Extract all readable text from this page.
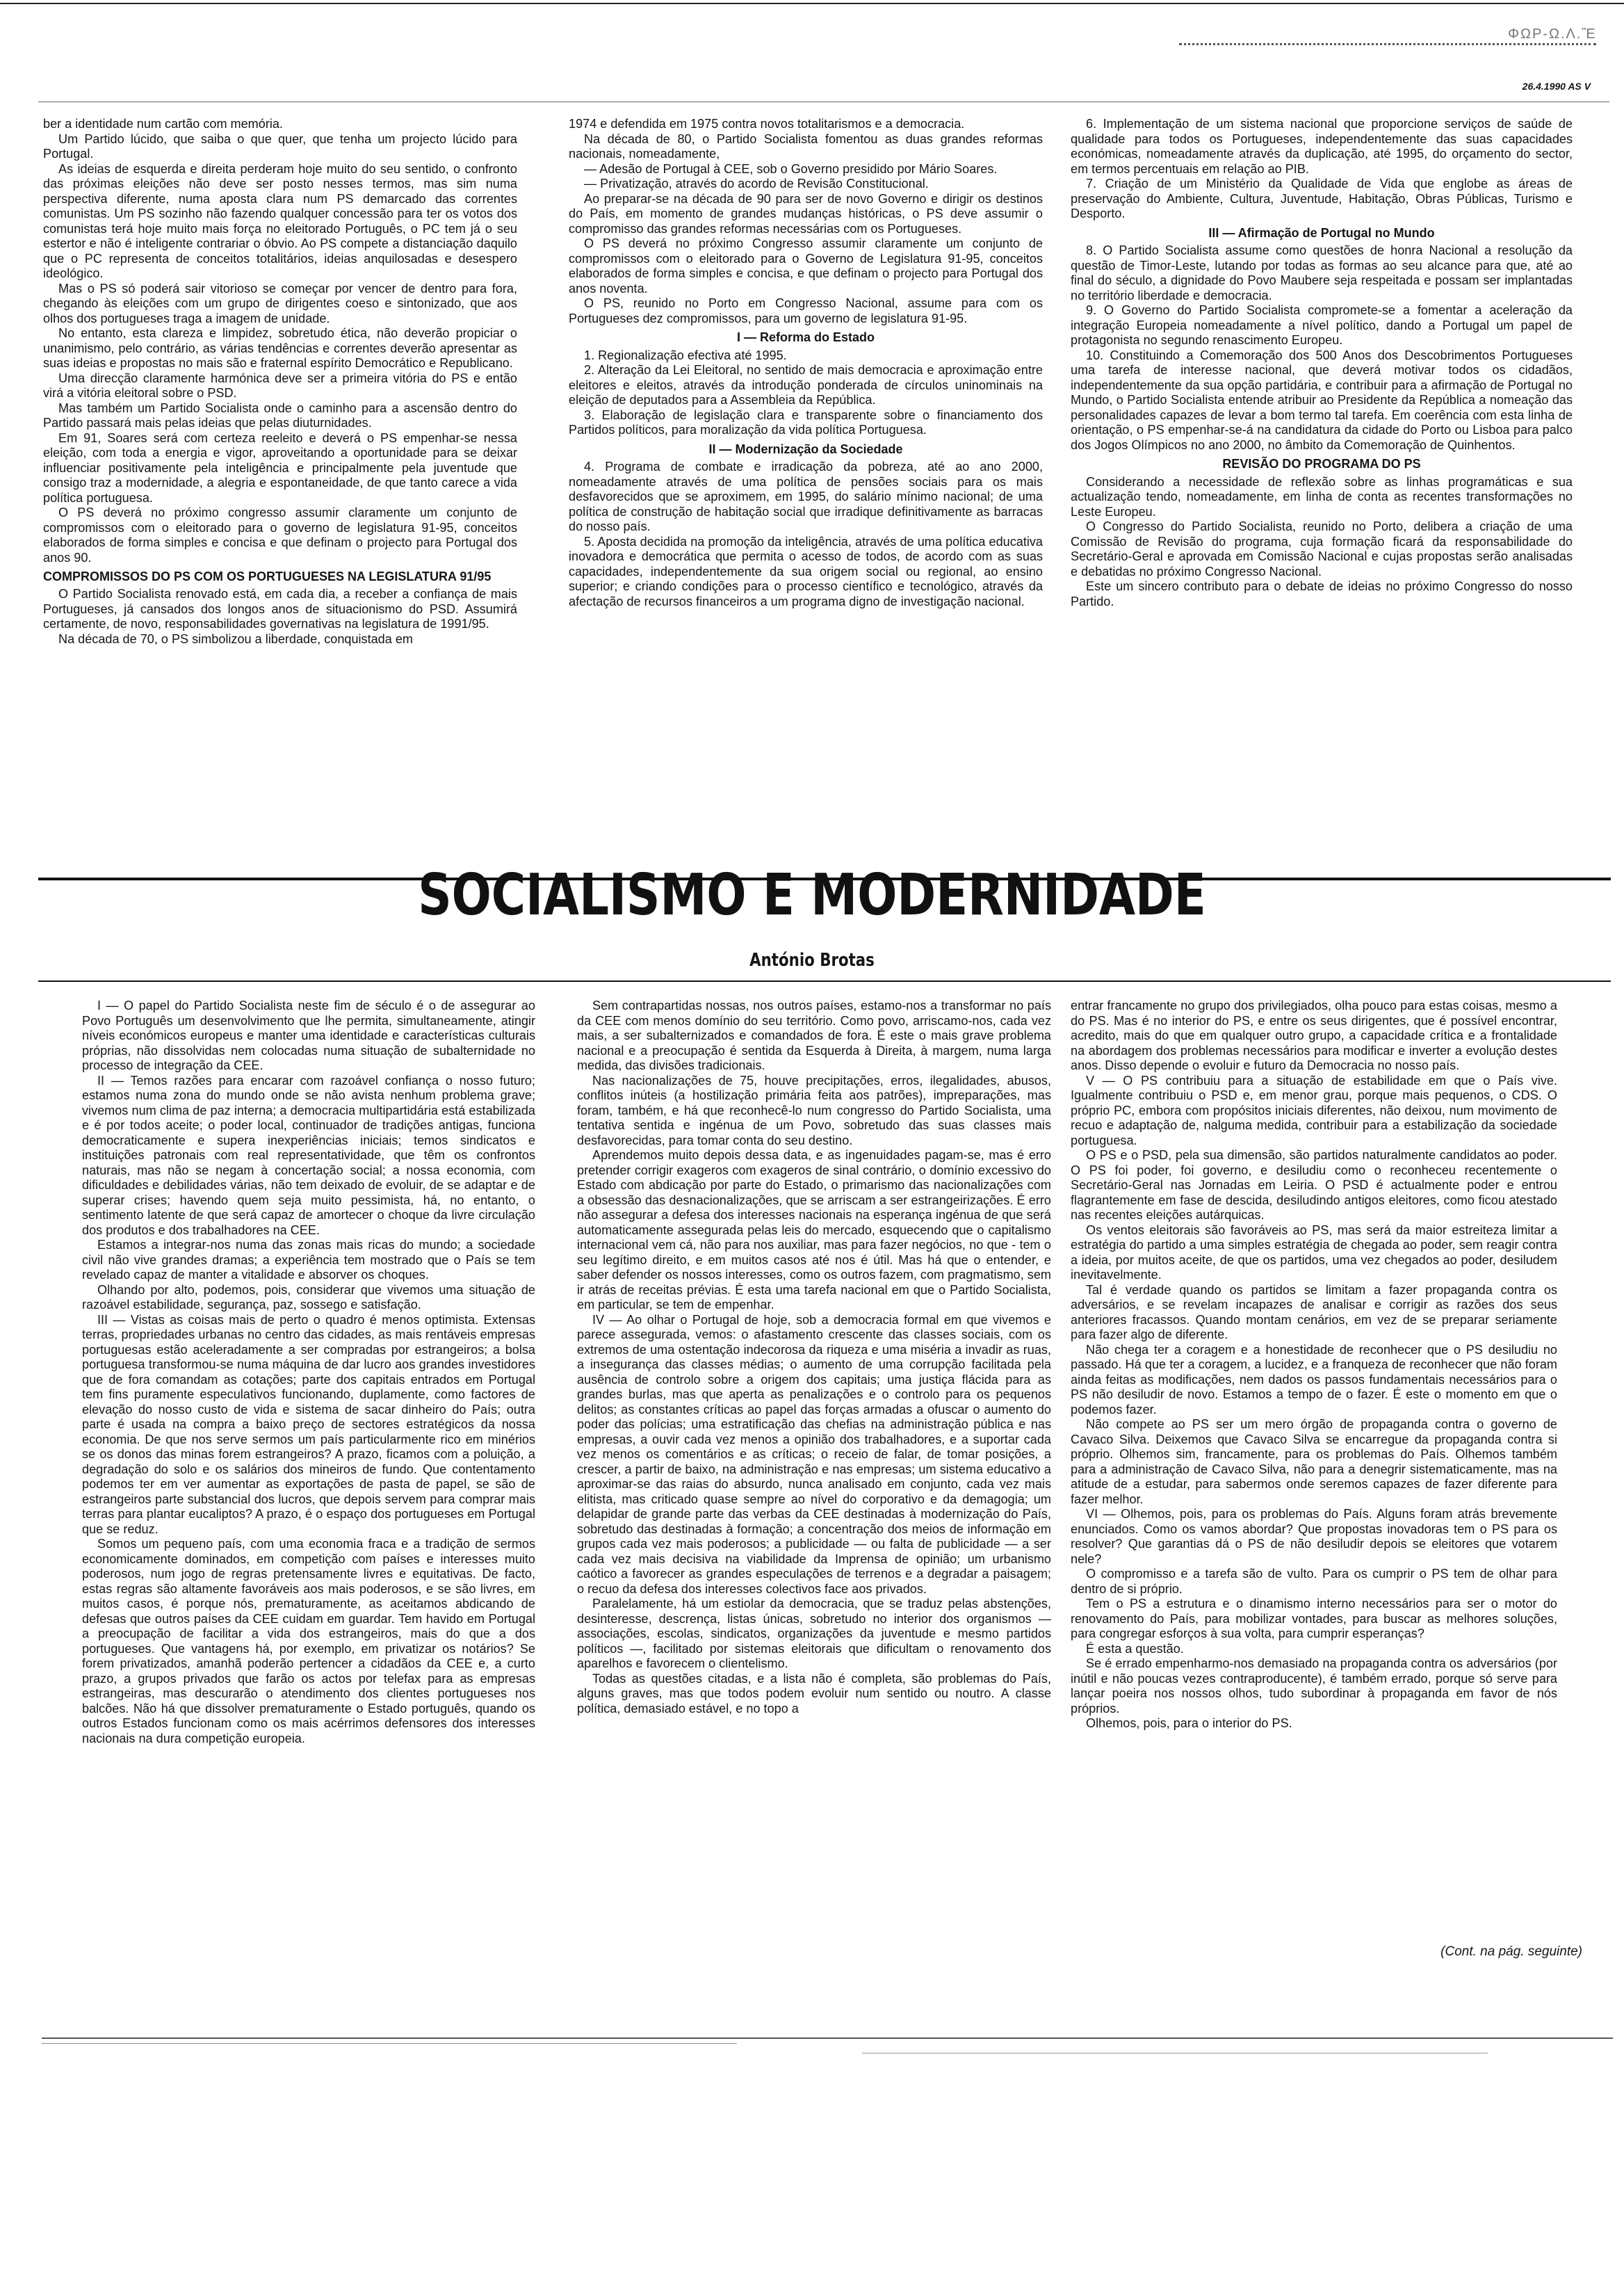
ΦΩΡ-Ω.Λ.Ἕ
26.4.1990 AS V

ber a identidade num cartão com memória.

Um Partido lúcido, que saiba o que quer, que tenha um projecto lúcido para Portugal.

As ideias de esquerda e direita perderam hoje muito do seu sentido, o confronto das próximas eleições não deve ser posto nesses termos, mas sim numa perspectiva diferente, numa aposta clara num PS demarcado das correntes comunistas. Um PS sozinho não fazendo qualquer concessão para ter os votos dos comunistas terá hoje muito mais força no eleitorado Português, o PC tem já o seu estertor e não é inteligente contrariar o óbvio. Ao PS compete a distanciação daquilo que o PC representa de conceitos totalitários, ideias anquilosadas e desespero ideológico.

Mas o PS só poderá sair vitorioso se começar por vencer de dentro para fora, chegando às eleições com um grupo de dirigentes coeso e sintonizado, que aos olhos dos portugueses traga a imagem de unidade.

No entanto, esta clareza e limpidez, sobretudo ética, não deverão propiciar o unanimismo, pelo contrário, as várias tendências e correntes deverão apresentar as suas ideias e propostas no mais são e fraternal espírito Democrático e Republicano.

Uma direcção claramente harmónica deve ser a primeira vitória do PS e então virá a vitória eleitoral sobre o PSD.

Mas também um Partido Socialista onde o caminho para a ascensão dentro do Partido passará mais pelas ideias que pelas diuturnidades.

Em 91, Soares será com certeza reeleito e deverá o PS empenhar-se nessa eleição, com toda a energia e vigor, aproveitando a oportunidade para se deixar influenciar positivamente pela inteligência e principalmente pela juventude que consigo traz a modernidade, a alegria e espontaneidade, de que tanto carece a vida política portuguesa.

O PS deverá no próximo congresso assumir claramente um conjunto de compromissos com o eleitorado para o governo de legislatura 91-95, conceitos elaborados de forma simples e concisa e que definam o projecto para Portugal dos anos 90.

COMPROMISSOS DO PS COM OS PORTUGUESES NA LEGISLATURA 91/95

O Partido Socialista renovado está, em cada dia, a receber a confiança de mais Portugueses, já cansados dos longos anos de situacionismo do PSD. Assumirá certamente, de novo, responsabilidades governativas na legislatura de 1991/95.

Na década de 70, o PS simbolizou a liberdade, conquistada em

1974 e defendida em 1975 contra novos totalitarismos e a democracia.

Na década de 80, o Partido Socialista fomentou as duas grandes reformas nacionais, nomeadamente,

— Adesão de Portugal à CEE, sob o Governo presidido por Mário Soares.

— Privatização, através do acordo de Revisão Constitucional.

Ao preparar-se na década de 90 para ser de novo Governo e dirigir os destinos do País, em momento de grandes mudanças históricas, o PS deve assumir o compromisso das grandes reformas necessárias com os Portugueses.

O PS deverá no próximo Congresso assumir claramente um conjunto de compromissos com o eleitorado para o Governo de Legislatura 91-95, conceitos elaborados de forma simples e concisa, e que definam o projecto para Portugal dos anos noventa.

O PS, reunido no Porto em Congresso Nacional, assume para com os Portugueses dez compromissos, para um governo de legislatura 91-95.

I — Reforma do Estado

1. Regionalização efectiva até 1995.

2. Alteração da Lei Eleitoral, no sentido de mais democracia e aproximação entre eleitores e eleitos, através da introdução ponderada de círculos uninominais na eleição de deputados para a Assembleia da República.

3. Elaboração de legislação clara e transparente sobre o financiamento dos Partidos políticos, para moralização da vida política Portuguesa.

II — Modernização da Sociedade

4. Programa de combate e irradicação da pobreza, até ao ano 2000, nomeadamente através de uma política de pensões sociais para os mais desfavorecidos que se aproximem, em 1995, do salário mínimo nacional; de uma política de construção de habitação social que irradique definitivamente as barracas do nosso país.

5. Aposta decidida na promoção da inteligência, através de uma política educativa inovadora e democrática que permita o acesso de todos, de acordo com as suas capacidades, independentemente da sua origem social ou regional, ao ensino superior; e criando condições para o processo científico e tecnológico, através da afectação de recursos financeiros a um programa digno de investigação nacional.

6. Implementação de um sistema nacional que proporcione serviços de saúde de qualidade para todos os Portugueses, independentemente das suas capacidades económicas, nomeadamente através da duplicação, até 1995, do orçamento do sector, em termos percentuais em relação ao PIB.

7. Criação de um Ministério da Qualidade de Vida que englobe as áreas de preservação do Ambiente, Cultura, Juventude, Habitação, Obras Públicas, Turismo e Desporto.

III — Afirmação de Portugal no Mundo

8. O Partido Socialista assume como questões de honra Nacional a resolução da questão de Timor-Leste, lutando por todas as formas ao seu alcance para que, até ao final do século, a dignidade do Povo Maubere seja respeitada e possam ser implantadas no território liberdade e democracia.

9. O Governo do Partido Socialista compromete-se a fomentar a aceleração da integração Europeia nomeadamente a nível político, dando a Portugal um papel de protagonista no segundo renascimento Europeu.

10. Constituindo a Comemoração dos 500 Anos dos Descobrimentos Portugueses uma tarefa de interesse nacional, que deverá motivar todos os cidadãos, independentemente da sua opção partidária, e contribuir para a afirmação de Portugal no Mundo, o Partido Socialista entende atribuir ao Presidente da República a nomeação das personalidades capazes de levar a bom termo tal tarefa. Em coerência com esta linha de orientação, o PS empenhar-se-á na candidatura da cidade do Porto ou Lisboa para palco dos Jogos Olímpicos no ano 2000, no âmbito da Comemoração de Quinhentos.

REVISÃO DO PROGRAMA DO PS

Considerando a necessidade de reflexão sobre as linhas programáticas e sua actualização tendo, nomeadamente, em linha de conta as recentes transformações no Leste Europeu.

O Congresso do Partido Socialista, reunido no Porto, delibera a criação de uma Comissão de Revisão do programa, cuja formação ficará da responsabilidade do Secretário-Geral e aprovada em Comissão Nacional e cujas propostas serão analisadas e debatidas no próximo Congresso Nacional.

Este um sincero contributo para o debate de ideias no próximo Congresso do nosso Partido.

SOCIALISMO E MODERNIDADE
António Brotas

I — O papel do Partido Socialista neste fim de século é o de assegurar ao Povo Português um desenvolvimento que lhe permita, simultaneamente, atingir níveis económicos europeus e manter uma identidade e características culturais próprias, não dissolvidas nem colocadas numa situação de subalternidade no processo de integração da CEE.

II — Temos razões para encarar com razoável confiança o nosso futuro; estamos numa zona do mundo onde se não avista nenhum problema grave; vivemos num clima de paz interna; a democracia multipartidária está estabilizada e é por todos aceite; o poder local, continuador de tradições antigas, funciona democraticamente e supera inexperiências iniciais; temos sindicatos e instituições patronais com real representatividade, que têm os confrontos naturais, mas não se negam à concertação social; a nossa economia, com dificuldades e debilidades várias, não tem deixado de evoluir, de se adaptar e de superar crises; havendo quem seja muito pessimista, há, no entanto, o sentimento latente de que será capaz de amortecer o choque da livre circulação dos produtos e dos trabalhadores na CEE.

Estamos a integrar-nos numa das zonas mais ricas do mundo; a sociedade civil não vive grandes dramas; a experiência tem mostrado que o País se tem revelado capaz de manter a vitalidade e absorver os choques.

Olhando por alto, podemos, pois, considerar que vivemos uma situação de razoável estabilidade, segurança, paz, sossego e satisfação.

III — Vistas as coisas mais de perto o quadro é menos optimista. Extensas terras, propriedades urbanas no centro das cidades, as mais rentáveis empresas portuguesas estão aceleradamente a ser compradas por estrangeiros; a bolsa portuguesa transformou-se numa máquina de dar lucro aos grandes investidores que de fora comandam as cotações; parte dos capitais entrados em Portugal tem fins puramente especulativos funcionando, duplamente, como factores de elevação do nosso custo de vida e sistema de sacar dinheiro do País; outra parte é usada na compra a baixo preço de sectores estratégicos da nossa economia. De que nos serve sermos um país particularmente rico em minérios se os donos das minas forem estrangeiros? A prazo, ficamos com a poluição, a degradação do solo e os salários dos mineiros de fundo. Que contentamento podemos ter em ver aumentar as exportações de pasta de papel, se são de estrangeiros parte substancial dos lucros, que depois servem para comprar mais terras para plantar eucaliptos? A prazo, é o espaço dos portugueses em Portugal que se reduz.

Somos um pequeno país, com uma economia fraca e a tradição de sermos economicamente dominados, em competição com países e interesses muito poderosos, num jogo de regras pretensamente livres e equitativas. De facto, estas regras são altamente favoráveis aos mais poderosos, e se são livres, em muitos casos, é porque nós, prematuramente, as aceitamos abdicando de defesas que outros países da CEE cuidam em guardar. Tem havido em Portugal a preocupação de facilitar a vida dos estrangeiros, mais do que a dos portugueses. Que vantagens há, por exemplo, em privatizar os notários? Se forem privatizados, amanhã poderão pertencer a cidadãos da CEE e, a curto prazo, a grupos privados que farão os actos por telefax para as empresas estrangeiras, mas descurarão o atendimento dos clientes portugueses nos balcões. Não há que dissolver prematuramente o Estado português, quando os outros Estados funcionam como os mais acérrimos defensores dos interesses nacionais na dura competição europeia.

Sem contrapartidas nossas, nos outros países, estamo-nos a transformar no país da CEE com menos domínio do seu território. Como povo, arriscamo-nos, cada vez mais, a ser subalternizados e comandados de fora. É este o mais grave problema nacional e a preocupação é sentida da Esquerda à Direita, à margem, numa larga medida, das divisões tradicionais.

Nas nacionalizações de 75, houve precipitações, erros, ilegalidades, abusos, conflitos inúteis (a hostilização primária feita aos patrões), impreparações, mas foram, também, e há que reconhecê-lo num congresso do Partido Socialista, uma tentativa sentida e ingénua de um Povo, sobretudo das suas classes mais desfavorecidas, para tomar conta do seu destino.

Aprendemos muito depois dessa data, e as ingenuidades pagam-se, mas é erro pretender corrigir exageros com exageros de sinal contrário, o domínio excessivo do Estado com abdicação por parte do Estado, o primarismo das nacionalizações com a obsessão das desnacionalizações, que se arriscam a ser estrangeirizações. É erro não assegurar a defesa dos interesses nacionais na esperança ingénua de que será automaticamente assegurada pelas leis do mercado, esquecendo que o capitalismo internacional vem cá, não para nos auxiliar, mas para fazer negócios, no que - tem o seu legítimo direito, e em muitos casos até nos é útil. Mas há que o entender, e saber defender os nossos interesses, como os outros fazem, com pragmatismo, sem ir atrás de receitas prévias. É esta uma tarefa nacional em que o Partido Socialista, em particular, se tem de empenhar.

IV — Ao olhar o Portugal de hoje, sob a democracia formal em que vivemos e parece assegurada, vemos: o afastamento crescente das classes sociais, com os extremos de uma ostentação indecorosa da riqueza e uma miséria a invadir as ruas, a insegurança das classes médias; o aumento de uma corrupção facilitada pela ausência de controlo sobre a origem dos capitais; uma justiça flácida para as grandes burlas, mas que aperta as penalizações e o controlo para os pequenos delitos; as constantes críticas ao papel das forças armadas a ofuscar o aumento do poder das polícias; uma estratificação das chefias na administração pública e nas empresas, a ouvir cada vez menos a opinião dos trabalhadores, e a suportar cada vez menos os comentários e as críticas; o receio de falar, de tomar posições, a crescer, a partir de baixo, na administração e nas empresas; um sistema educativo a aproximar-se das raias do absurdo, nunca analisado em conjunto, cada vez mais elitista, mas criticado quase sempre ao nível do corporativo e da demagogia; um delapidar de grande parte das verbas da CEE destinadas à modernização do País, sobretudo das destinadas à formação; a concentração dos meios de informação em grupos cada vez mais poderosos; a publicidade — ou falta de publicidade — a ser cada vez mais decisiva na viabilidade da Imprensa de opinião; um urbanismo caótico a favorecer as grandes especulações de terrenos e a degradar a paisagem; o recuo da defesa dos interesses colectivos face aos privados.

Paralelamente, há um estiolar da democracia, que se traduz pelas abstenções, desinteresse, descrença, listas únicas, sobretudo no interior dos organismos — associações, escolas, sindicatos, organizações da juventude e mesmo partidos políticos —, facilitado por sistemas eleitorais que dificultam o renovamento dos aparelhos e favorecem o clientelismo.

Todas as questões citadas, e a lista não é completa, são problemas do País, alguns graves, mas que todos podem evoluir num sentido ou noutro. A classe política, demasiado estável, e no topo a

entrar francamente no grupo dos privilegiados, olha pouco para estas coisas, mesmo a do PS. Mas é no interior do PS, e entre os seus dirigentes, que é possível encontrar, acredito, mais do que em qualquer outro grupo, a capacidade crítica e a frontalidade na abordagem dos problemas necessários para modificar e inverter a evolução destes anos. Disso depende o evoluir e futuro da Democracia no nosso país.

V — O PS contribuiu para a situação de estabilidade em que o País vive. Igualmente contribuiu o PSD e, em menor grau, porque mais pequenos, o CDS. O próprio PC, embora com propósitos iniciais diferentes, não deixou, num movimento de recuo e adaptação de, nalguma medida, contribuir para a estabilização da sociedade portuguesa.

O PS e o PSD, pela sua dimensão, são partidos naturalmente candidatos ao poder. O PS foi poder, foi governo, e desiludiu como o reconheceu recentemente o Secretário-Geral nas Jornadas em Leiria. O PSD é actualmente poder e entrou flagrantemente em fase de descida, desiludindo antigos eleitores, como ficou atestado nas recentes eleições autárquicas.

Os ventos eleitorais são favoráveis ao PS, mas será da maior estreiteza limitar a estratégia do partido a uma simples estratégia de chegada ao poder, sem reagir contra a ideia, por muitos aceite, de que os partidos, uma vez chegados ao poder, desiludem inevitavelmente.

Tal é verdade quando os partidos se limitam a fazer propaganda contra os adversários, e se revelam incapazes de analisar e corrigir as razões dos seus anteriores fracassos. Quando montam cenários, em vez de se preparar seriamente para fazer algo de diferente.

Não chega ter a coragem e a honestidade de reconhecer que o PS desiludiu no passado. Há que ter a coragem, a lucidez, e a franqueza de reconhecer que não foram ainda feitas as modificações, nem dados os passos fundamentais necessários para o PS não desiludir de novo. Estamos a tempo de o fazer. É este o momento em que o podemos fazer.

Não compete ao PS ser um mero órgão de propaganda contra o governo de Cavaco Silva. Deixemos que Cavaco Silva se encarregue da propaganda contra si próprio. Olhemos sim, francamente, para os problemas do País. Olhemos também para a administração de Cavaco Silva, não para a denegrir sistematicamente, mas na atitude de a estudar, para sabermos onde seremos capazes de fazer diferente para fazer melhor.

VI — Olhemos, pois, para os problemas do País. Alguns foram atrás brevemente enunciados. Como os vamos abordar? Que propostas inovadoras tem o PS para os resolver? Que garantias dá o PS de não desiludir depois se eleitores que votarem nele?

O compromisso e a tarefa são de vulto. Para os cumprir o PS tem de olhar para dentro de si próprio.

Tem o PS a estrutura e o dinamismo interno necessários para ser o motor do renovamento do País, para mobilizar vontades, para buscar as melhores soluções, para congregar esforços à sua volta, para cumprir esperanças?

É esta a questão.

Se é errado empenharmo-nos demasiado na propaganda contra os adversários (por inútil e não poucas vezes contraproducente), é também errado, porque só serve para lançar poeira nos nossos olhos, tudo subordinar à propaganda em favor de nós próprios.

Olhemos, pois, para o interior do PS.

(Cont. na pág. seguinte)
